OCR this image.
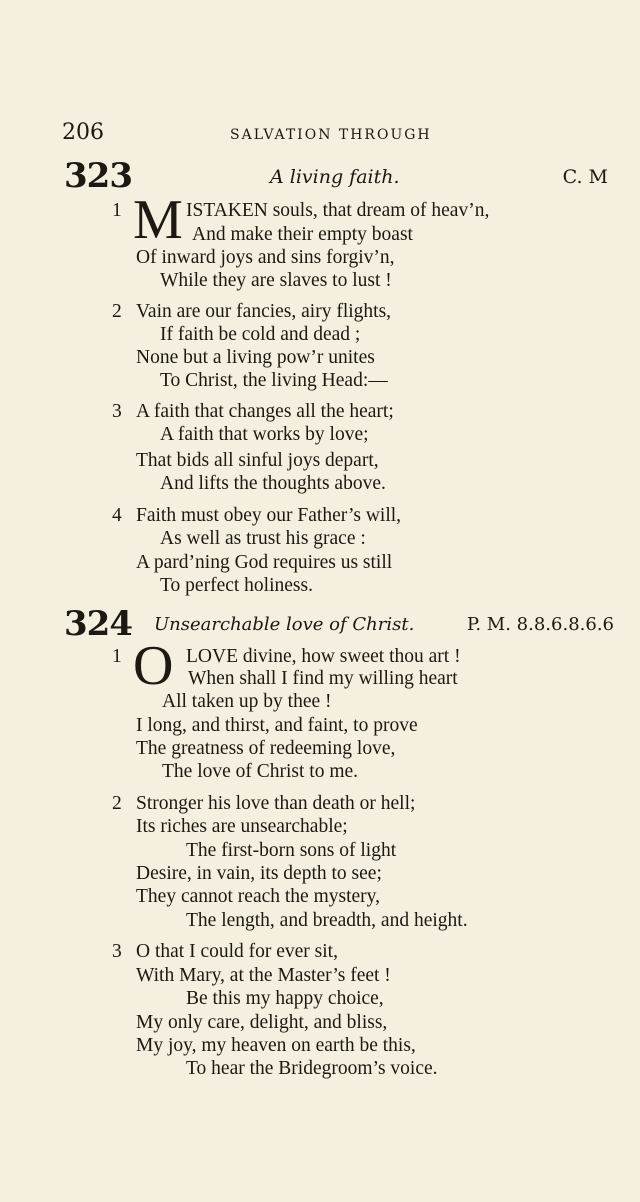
206	SALVATION THROUGH
323	A living faith.	C. M
1 M ISTAKEN souls, that dream of heav’n,
And make their empty boast
Of inward joys and sins forgiv’n,
While they are slaves to lust !
2 Vain are our fancies, airy flights,
If faith be cold and dead ;
None but a living pow’r unites
To Christ, the living Head:—
3 A faith that changes all the heart;
A faith that works by love;
That bids all sinful joys depart,
And lifts the thoughts above.
4 Faith must obey our Father’s will,
As well as trust his grace :
A pard’ning God requires us still
To perfect holiness.
324 Unsearchable love of Christ.	P. M. 8.8.6.8.6.6
1 O LOVE divine, how sweet thou art !
When shall I find my willing heart
All taken up by thee !
I long, and thirst, and faint, to prove
The greatness of redeeming love,
The love of Christ to me.
2 Stronger his love than death or hell;
Its riches are unsearchable;
The first-born sons of light
Desire, in vain, its depth to see;
They cannot reach the mystery,
The length, and breadth, and height.
3 O that I could for ever sit,
With Mary, at the Master’s feet !
Be this my happy choice,
My only care, delight, and bliss,
My joy, my heaven on earth be this,
To hear the Bridegroom’s voice.
